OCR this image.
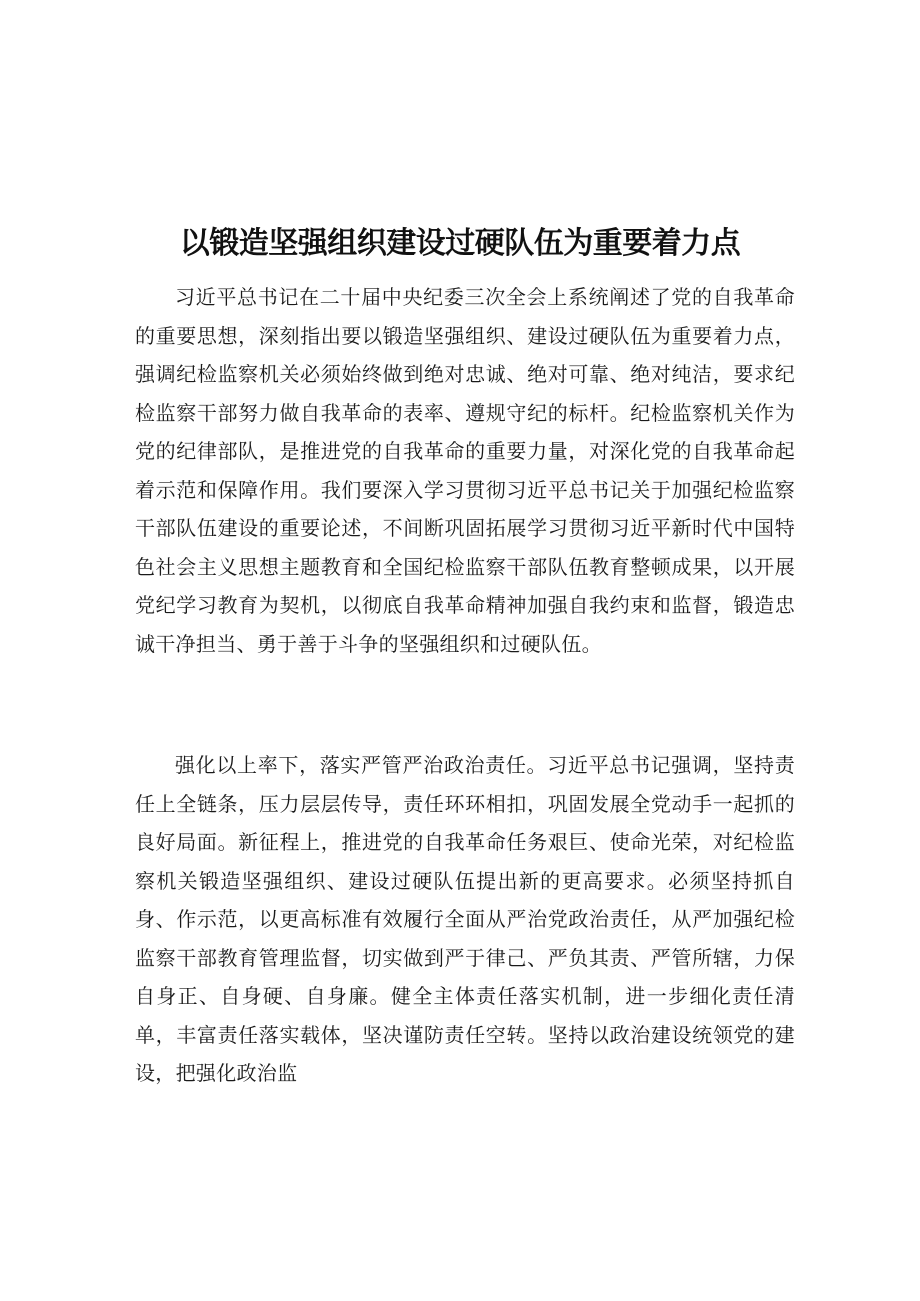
以锻造坚强组织建设过硬队伍为重要着力点

习近平总书记在二十届中央纪委三次全会上系统阐述了党的自我革命的重要思想，深刻指出要以锻造坚强组织、建设过硬队伍为重要着力点，强调纪检监察机关必须始终做到绝对忠诚、绝对可靠、绝对纯洁，要求纪检监察干部努力做自我革命的表率、遵规守纪的标杆。纪检监察机关作为党的纪律部队，是推进党的自我革命的重要力量，对深化党的自我革命起着示范和保障作用。我们要深入学习贯彻习近平总书记关于加强纪检监察干部队伍建设的重要论述，不间断巩固拓展学习贯彻习近平新时代中国特色社会主义思想主题教育和全国纪检监察干部队伍教育整顿成果，以开展党纪学习教育为契机，以彻底自我革命精神加强自我约束和监督，锻造忠诚干净担当、勇于善于斗争的坚强组织和过硬队伍。

强化以上率下，落实严管严治政治责任。习近平总书记强调，坚持责任上全链条，压力层层传导，责任环环相扣，巩固发展全党动手一起抓的良好局面。新征程上，推进党的自我革命任务艰巨、使命光荣，对纪检监察机关锻造坚强组织、建设过硬队伍提出新的更高要求。必须坚持抓自身、作示范，以更高标准有效履行全面从严治党政治责任，从严加强纪检监察干部教育管理监督，切实做到严于律己、严负其责、严管所辖，力保自身正、自身硬、自身廉。健全主体责任落实机制，进一步细化责任清单，丰富责任落实载体，坚决谨防责任空转。坚持以政治建设统领党的建设，把强化政治监
